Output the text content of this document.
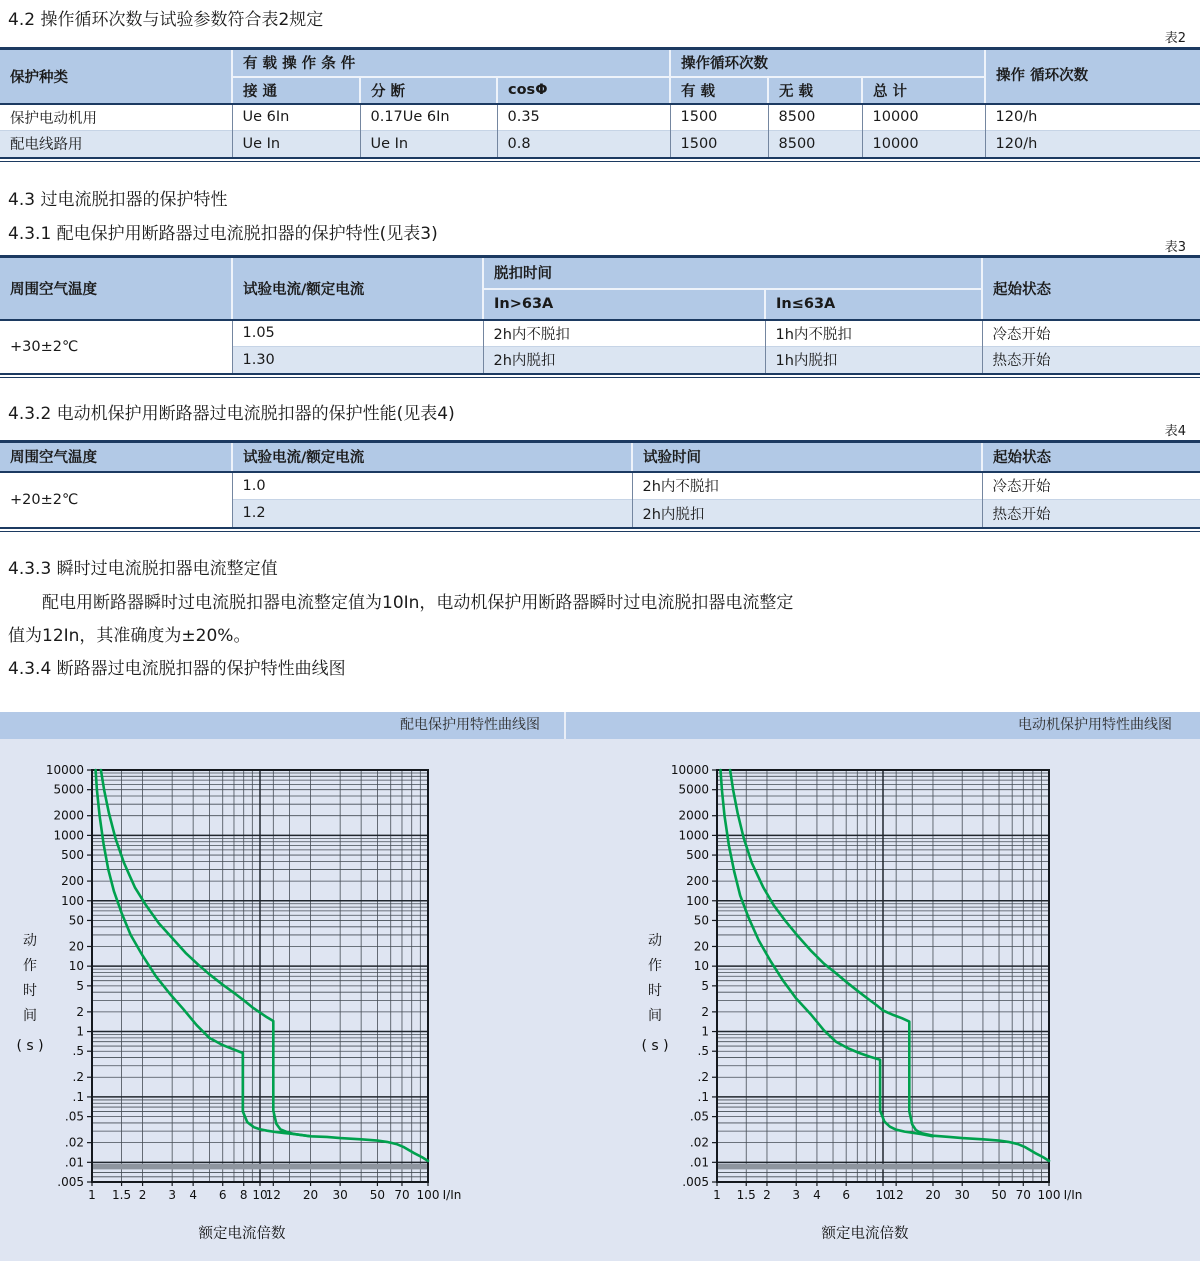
4.2 操作循环次数与试验参数符合表2规定
表2
保护种类	有 载 操 作 条 件			操作循环次数			操作 循环次数
	接 通	分 断	cosΦ	有 载	无 载	总 计	
保护电动机用	Ue 6In	0.17Ue 6In	0.35	1500	8500	10000	120/h
配电线路用	Ue In	Ue In	0.8	1500	8500	10000	120/h
4.3 过电流脱扣器的保护特性
4.3.1 配电保护用断路器过电流脱扣器的保护特性(见表3)
表3
周围空气温度	试验电流/额定电流	脱扣时间		起始状态
		In>63A	In≤63A	
+30±2℃	1.05	2h内不脱扣	1h内不脱扣	冷态开始
	1.30	2h内脱扣	1h内脱扣	热态开始
4.3.2 电动机保护用断路器过电流脱扣器的保护性能(见表4)
表4
周围空气温度	试验电流/额定电流	试验时间	起始状态
+20±2℃	1.0	2h内不脱扣	冷态开始
	1.2	2h内脱扣	热态开始
4.3.3 瞬时过电流脱扣器电流整定值
配电用断路器瞬时过电流脱扣器电流整定值为10In，电动机保护用断路器瞬时过电流脱扣器电流整定
值为12In，其准确度为±20%。
4.3.4 断路器过电流脱扣器的保护特性曲线图
配电保护用特性曲线图	电动机保护用特性曲线图
1 1.5 2 3 4 6 8 10
12 20 30 50 70 100 I/In
10000
5000
2000
1000
500
200
100
50
20
10
5
2
1
.5
.2
.1
.05
.02
.01
.005
动
作
时
间
( s )
额定电流倍数
1 1.5 2 3 4 6 10
12 20 30 50 70 100 I/In
10000
5000
2000
1000
500
200
100
50
20
10
5
2
1
.5
.2
.1
.05
.02
.01
.005
动
作
时
间
( s )
额定电流倍数
